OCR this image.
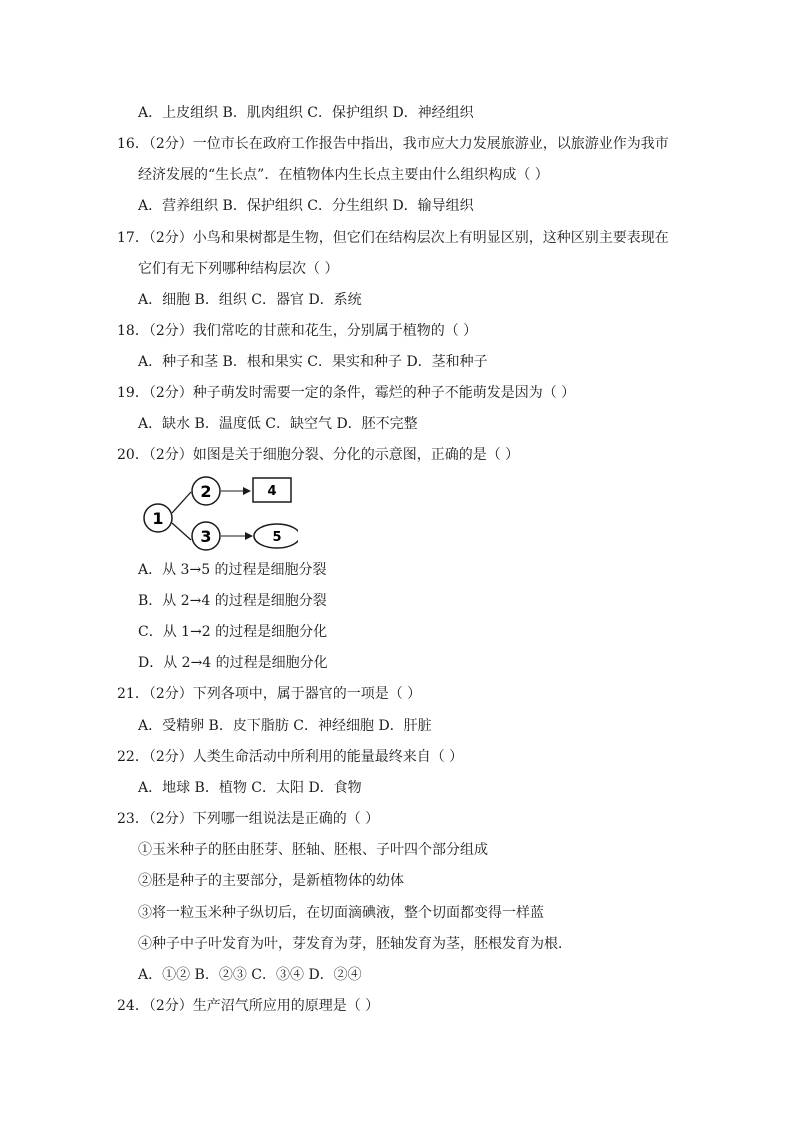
A．上皮组织 B．肌肉组织 C．保护组织 D．神经组织
16．（2分）一位市长在政府工作报告中指出，我市应大力发展旅游业，以旅游业作为我市
经济发展的“生长点”．在植物体内生长点主要由什么组织构成（ ）
A．营养组织 B．保护组织 C．分生组织 D．输导组织
17．（2分）小鸟和果树都是生物，但它们在结构层次上有明显区别，这种区别主要表现在
它们有无下列哪种结构层次（ ）
A．细胞 B．组织 C．器官 D．系统
18．（2分）我们常吃的甘蔗和花生，分别属于植物的（ ）
A．种子和茎 B．根和果实 C．果实和种子 D．茎和种子
19．（2分）种子萌发时需要一定的条件，霉烂的种子不能萌发是因为（ ）
A．缺水 B．温度低 C．缺空气 D．胚不完整
20．（2分）如图是关于细胞分裂、分化的示意图，正确的是（ ）
1
2
3
4
5
A．从 3→5 的过程是细胞分裂
B．从 2→4 的过程是细胞分裂
C．从 1→2 的过程是细胞分化
D．从 2→4 的过程是细胞分化
21．（2分）下列各项中，属于器官的一项是（ ）
A．受精卵 B．皮下脂肪 C．神经细胞 D．肝脏
22．（2分）人类生命活动中所利用的能量最终来自（ ）
A．地球 B．植物 C．太阳 D．食物
23．（2分）下列哪一组说法是正确的（ ）
①玉米种子的胚由胚芽、胚轴、胚根、子叶四个部分组成
②胚是种子的主要部分，是新植物体的幼体
③将一粒玉米种子纵切后，在切面滴碘液，整个切面都变得一样蓝
④种子中子叶发育为叶，芽发育为芽，胚轴发育为茎，胚根发育为根．
A．①② B．②③ C．③④ D．②④
24．（2分）生产沼气所应用的原理是（ ）
